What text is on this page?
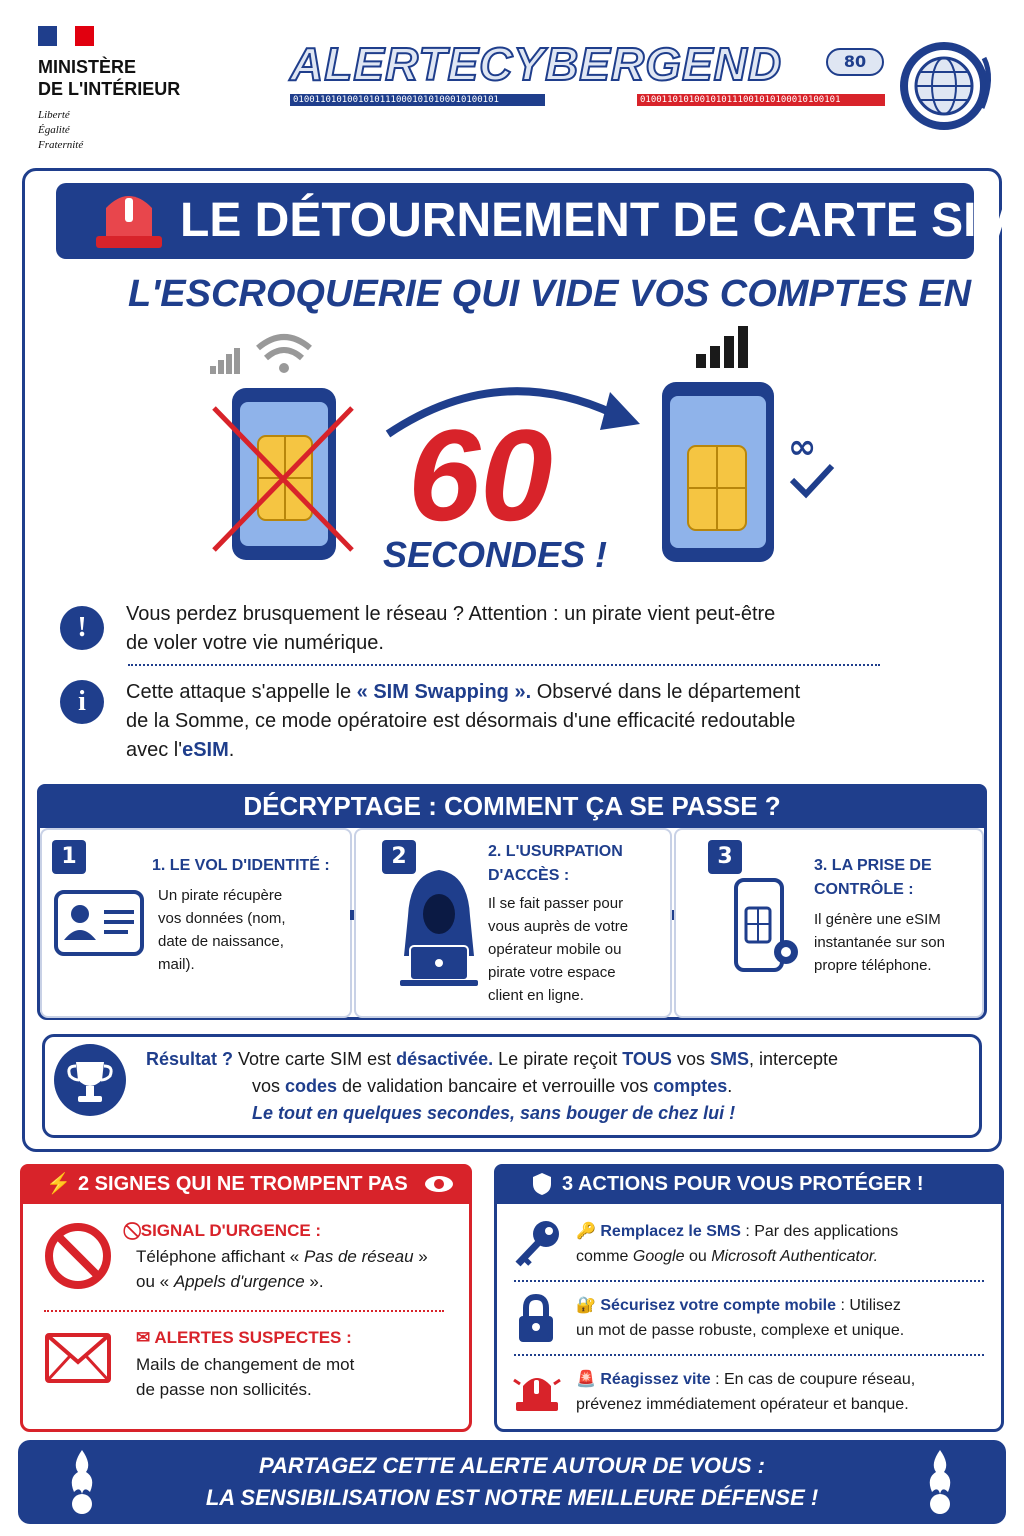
MINISTÈRE
DE L'INTÉRIEUR
Liberté
Égalité
Fraternité
ALERTECYBERGEND	80
01001101010010101110001010100010100101	0100110101001010111001010100010100101
LE DÉTOURNEMENT DE CARTE SIM
L'ESCROQUERIE QUI VIDE VOS COMPTES EN
60
SECONDES !
∞
!	Vous perdez brusquement le réseau ? Attention : un pirate vient peut-être
de voler votre vie numérique.
i	Cette attaque s'appelle le « SIM Swapping ». Observé dans le département
de la Somme, ce mode opératoire est désormais d'une efficacité redoutable
avec l'eSIM.
DÉCRYPTAGE : COMMENT ÇA SE PASSE ?
1	1. LE VOL D'IDENTITÉ :
Un pirate récupère
vos données (nom,
date de naissance,
mail).
2	2. L'USURPATION
D'ACCÈS :
Il se fait passer pour
vous auprès de votre
opérateur mobile ou
pirate votre espace
client en ligne.
3	3. LA PRISE DE
CONTRÔLE :
Il génère une eSIM
instantanée sur son
propre téléphone.
Résultat ? Votre carte SIM est désactivée. Le pirate reçoit TOUS vos SMS, intercepte
vos codes de validation bancaire et verrouille vos comptes.
Le tout en quelques secondes, sans bouger de chez lui !
⚡ 2 SIGNES QUI NE TROMPENT PAS
⃠ SIGNAL D'URGENCE :
Téléphone affichant « Pas de réseau »
ou « Appels d'urgence ».
✉ ALERTES SUSPECTES :
Mails de changement de mot
de passe non sollicités.
3 ACTIONS POUR VOUS PROTÉGER !
🔑 Remplacez le SMS : Par des applications
comme Google ou Microsoft Authenticator.
🔐 Sécurisez votre compte mobile : Utilisez
un mot de passe robuste, complexe et unique.
🚨 Réagissez vite : En cas de coupure réseau,
prévenez immédiatement opérateur et banque.
PARTAGEZ CETTE ALERTE AUTOUR DE VOUS :
LA SENSIBILISATION EST NOTRE MEILLEURE DÉFENSE !
